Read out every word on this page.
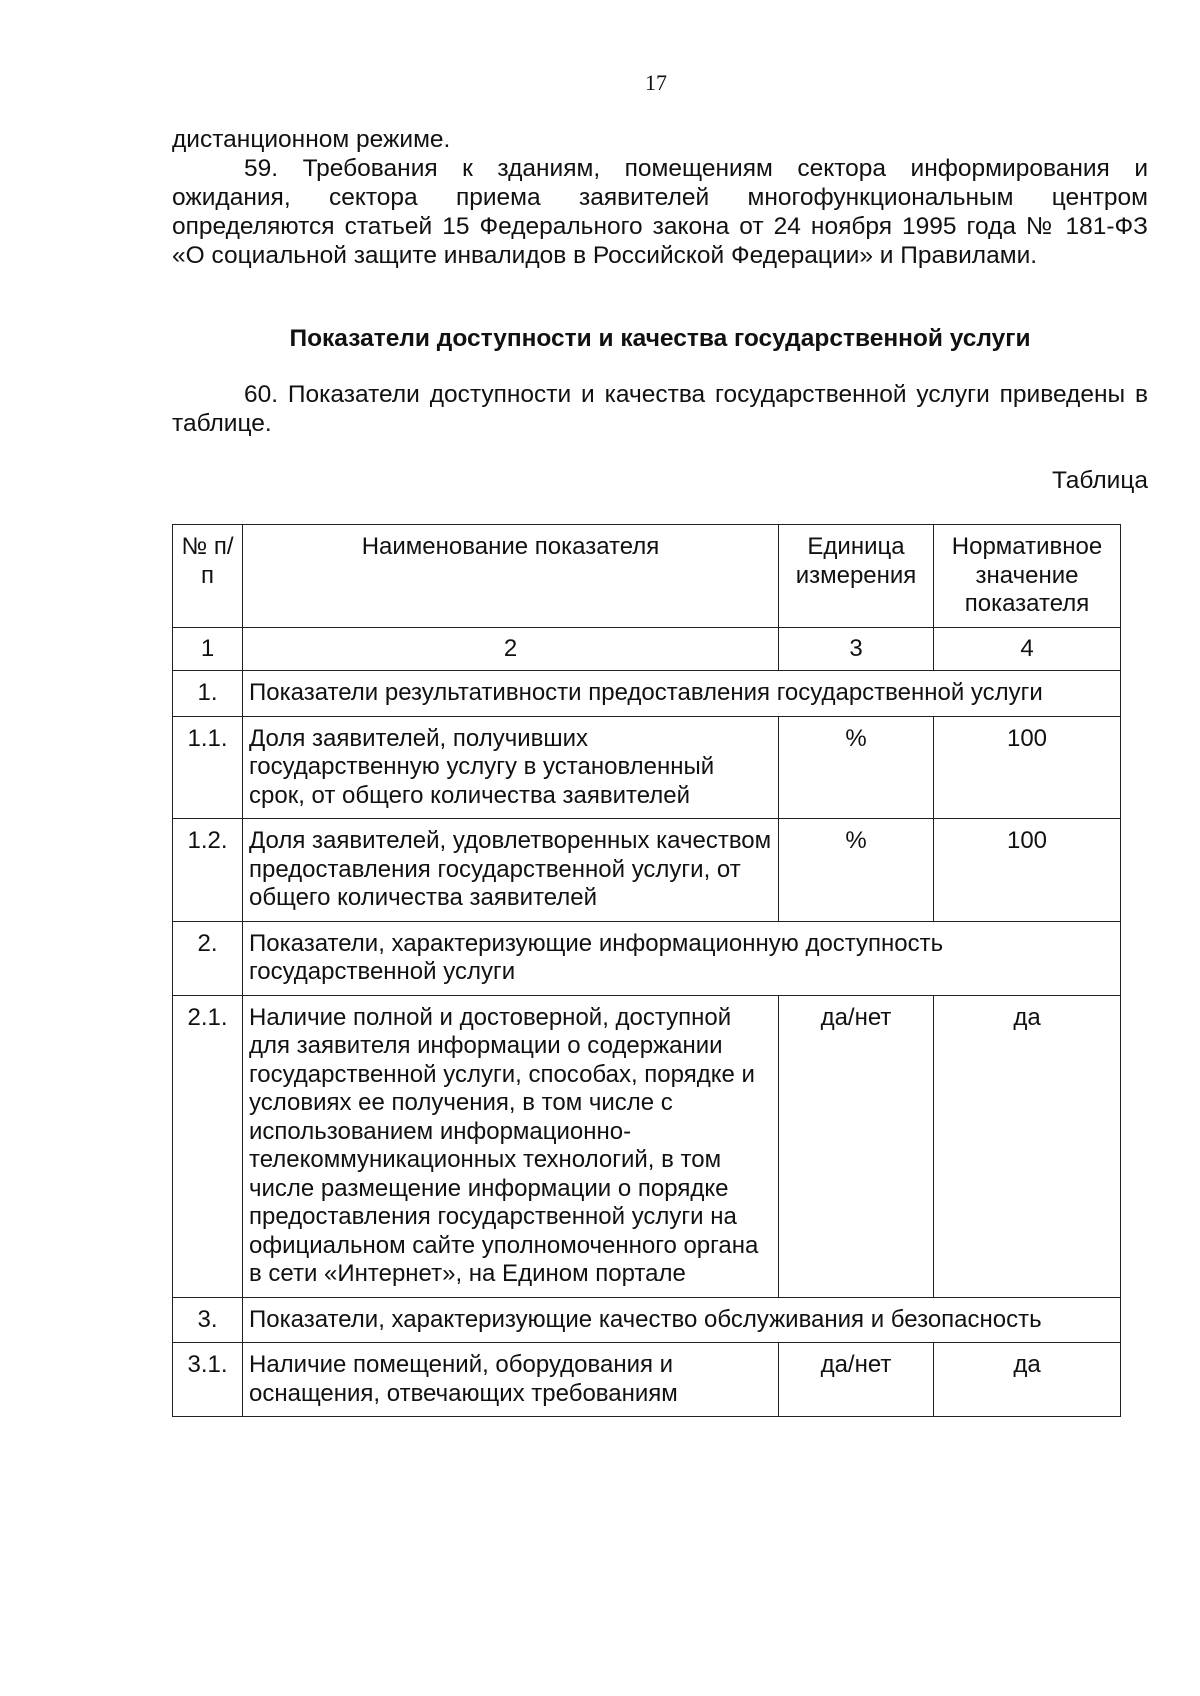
17
дистанционном режиме.
59. Требования к зданиям, помещениям сектора информирования и ожидания, сектора приема заявителей многофункциональным центром определяются статьей 15 Федерального закона от 24 ноября 1995 года № 181-ФЗ «О социальной защите инвалидов в Российской Федерации» и Правилами.
Показатели доступности и качества государственной услуги
60. Показатели доступности и качества государственной услуги приведены в таблице.
Таблица
№ п/п	Наименование показателя	Единица измерения	Нормативное значение показателя
1	2	3	4
1.	Показатели результативности предоставления государственной услуги		
1.1.	Доля заявителей, получивших государственную услугу в установленный срок, от общего количества заявителей	%	100
1.2.	Доля заявителей, удовлетворенных качеством предоставления государственной услуги, от общего количества заявителей	%	100
2.	Показатели, характеризующие информационную доступность государственной услуги		
2.1.	Наличие полной и достоверной, доступной для заявителя информации о содержании государственной услуги, способах, порядке и условиях ее получения, в том числе с использованием информационно-телекоммуникационных технологий, в том числе размещение информации о порядке предоставления государственной услуги на официальном сайте уполномоченного органа в сети «Интернет», на Едином портале	да/нет	да
3.	Показатели, характеризующие качество обслуживания и безопасность		
3.1.	Наличие помещений, оборудования и оснащения, отвечающих требованиям	да/нет	да
